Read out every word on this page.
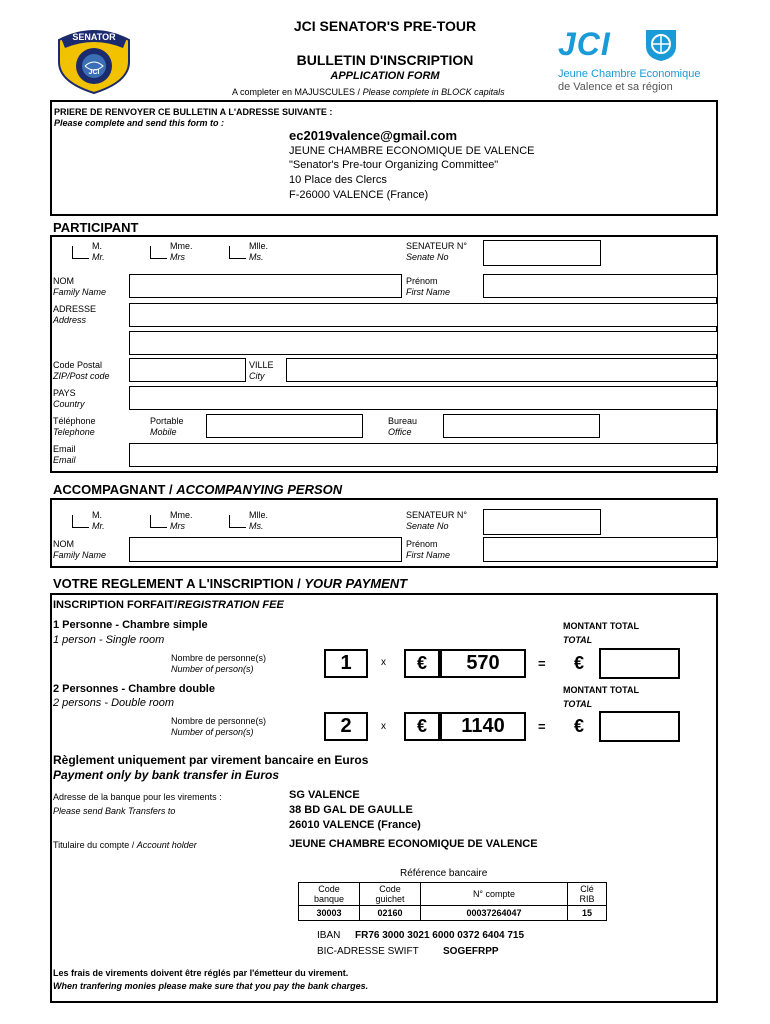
SENATOR
JCI
JCI SENATOR'S PRE-TOUR
BULLETIN D'INSCRIPTION
APPLICATION FORM
A completer en MAJUSCULES / Please complete in BLOCK capitals
JCI
Jeune Chambre Economique
de Valence et sa région
PRIERE DE RENVOYER CE BULLETIN A L'ADRESSE SUIVANTE :
Please complete and send this form to :
ec2019valence@gmail.com
JEUNE CHAMBRE ECONOMIQUE DE VALENCE
"Senator's Pre-tour Organizing Committee"
10 Place des Clercs
F-26000 VALENCE (France)
PARTICIPANT
M.
Mr.
Mme.
Mrs
Mlle.
Ms.
SENATEUR N°
Senate No
NOM
Family Name
Prénom
First Name
ADRESSE
Address
Code Postal
ZIP/Post code
VILLE
City
PAYS
Country
Téléphone
Telephone
Portable
Mobile
Bureau
Office
Email
Email
ACCOMPAGNANT / ACCOMPANYING PERSON
M.
Mr.
Mme.
Mrs
Mlle.
Ms.
SENATEUR N°
Senate No
NOM
Family Name
Prénom
First Name
VOTRE REGLEMENT A L'INSCRIPTION / YOUR PAYMENT
INSCRIPTION FORFAIT/REGISTRATION FEE
1 Personne - Chambre simple
1 person - Single room
Nombre de personne(s)
Number of person(s)	1	x	€	570	=
MONTANT TOTAL
TOTAL
€
2 Personnes - Chambre double
2 persons - Double room
Nombre de personne(s)
Number of person(s)	2	x	€	1140	=
MONTANT TOTAL
TOTAL
€
Règlement uniquement par virement bancaire en Euros
Payment only by bank transfer in Euros
Adresse de la banque pour les virements :
Please send Bank Transfers to
SG VALENCE
38 BD GAL DE GAULLE
26010 VALENCE (France)
Titulaire du compte / Account holder	JEUNE CHAMBRE ECONOMIQUE DE VALENCE
Référence bancaire
Code banque	Code guichet	N° compte	Clé RIB
30003	02160	00037264047	15
IBAN FR76 3000 3021 6000 0372 6404 715
BIC-ADRESSE SWIFT SOGEFRPP
Les frais de virements doivent être réglés par l'émetteur du virement.
When tranfering monies please make sure that you pay the bank charges.
